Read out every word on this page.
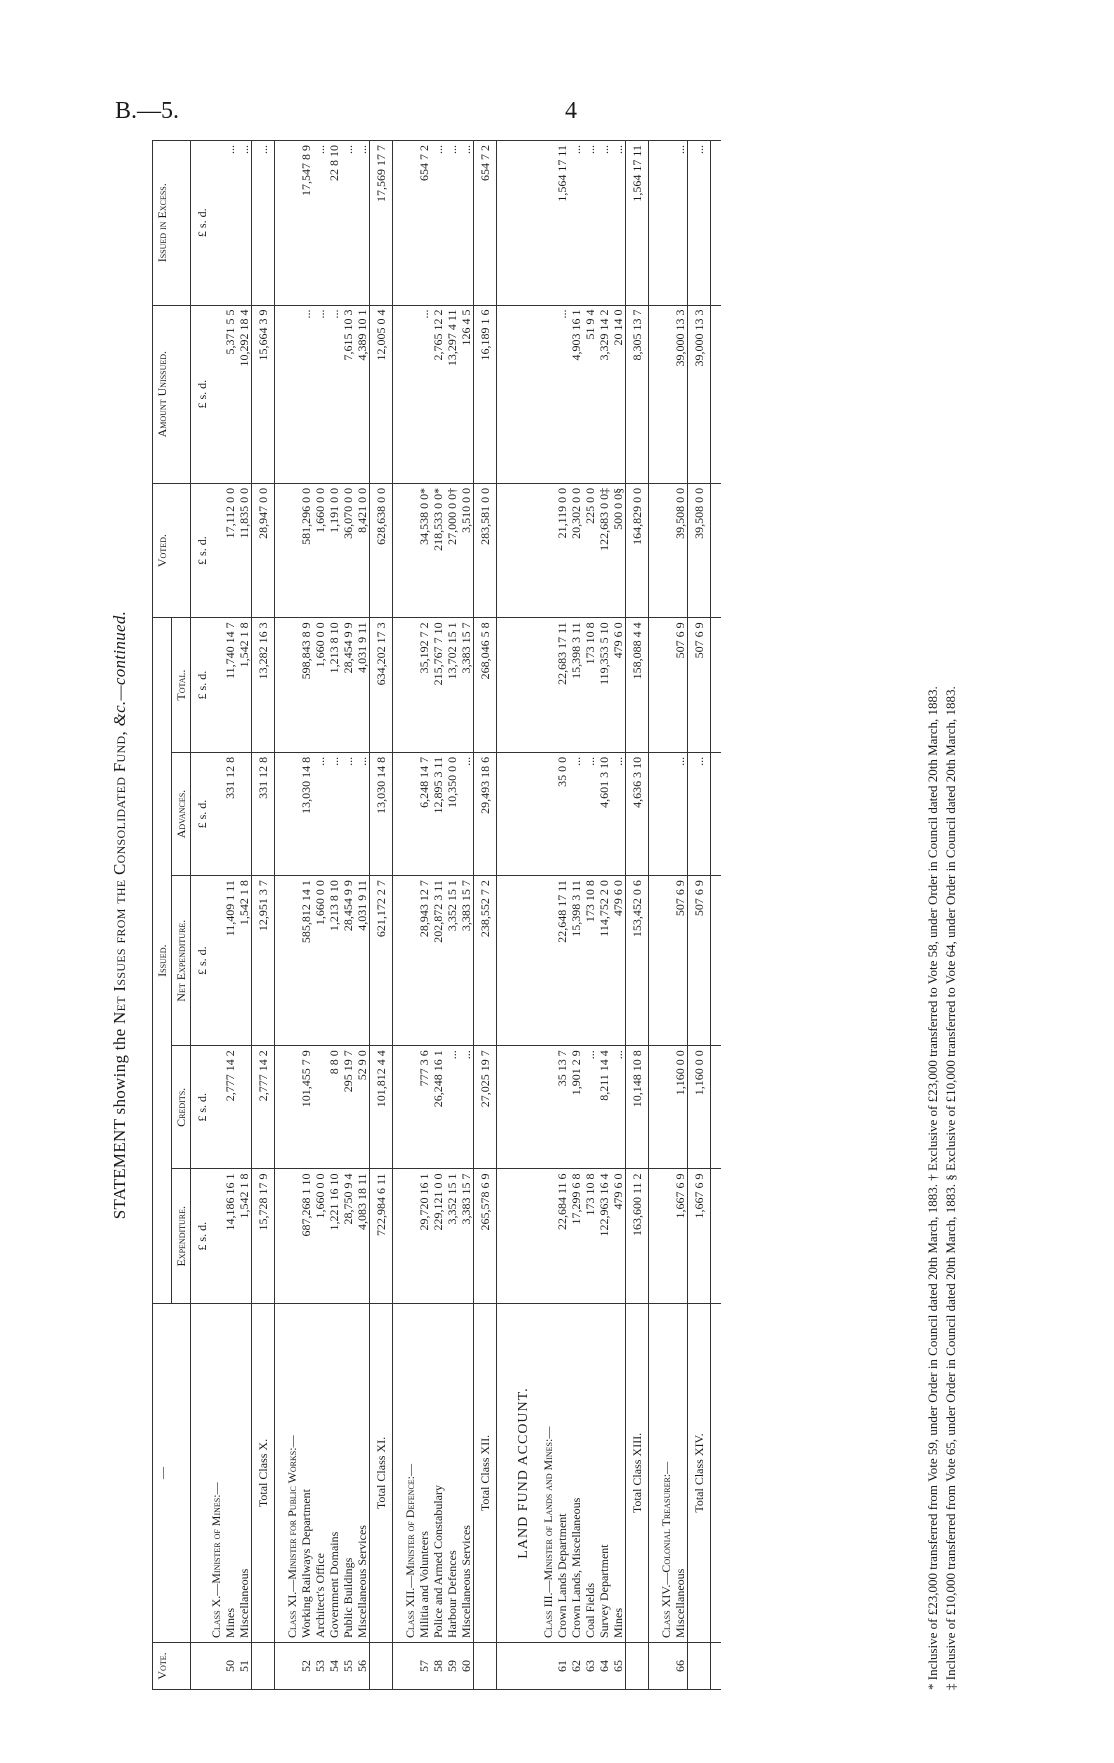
B.—5.	4
STATEMENT showing the Net Issues from the Consolidated Fund, &c.—continued.
Vote.	—	Issued.					Voted.	Amount Unissued.	Issued in Excess.
		Expenditure.	Credits.	Net Expenditure.	Advances.	Total.			
		£ s. d.	£ s. d.	£ s. d.	£ s. d.	£ s. d.	£ s. d.	£ s. d.	£ s. d.
	Class X.—Minister of Mines:—								
50	Mines	14,186 16 1	2,777 14 2	11,409 1 11	331 12 8	11,740 14 7	17,112 0 0	5,371 5 5	...
51	Miscellaneous	1,542 1 8		1,542 1 8		1,542 1 8	11,835 0 0	10,292 18 4	...
	Total Class X.	15,728 17 9	2,777 14 2	12,951 3 7	331 12 8	13,282 16 3	28,947 0 0	15,664 3 9	...

	Class XI.—Minister for Public Works:—								
52	Working Railways Department	687,268 1 10	101,455 7 9	585,812 14 1	13,030 14 8	598,843 8 9	581,296 0 0	...	17,547 8 9
53	Architect's Office	1,660 0 0		1,660 0 0	...	1,660 0 0	1,660 0 0	...	...
54	Government Domains	1,221 16 10	8 8 0	1,213 8 10	...	1,213 8 10	1,191 0 0	...	22 8 10
55	Public Buildings	28,750 9 4	295 19 7	28,454 9 9	...	28,454 9 9	36,070 0 0	7,615 10 3	...
56	Miscellaneous Services	4,083 18 11	52 9 0	4,031 9 11	...	4,031 9 11	8,421 0 0	4,389 10 1	...
	Total Class XI.	722,984 6 11	101,812 4 4	621,172 2 7	13,030 14 8	634,202 17 3	628,638 0 0	12,005 0 4	17,569 17 7

	Class XII.—Minister of Defence:—								
57	Militia and Volunteers	29,720 16 1	777 3 6	28,943 12 7	6,248 14 7	35,192 7 2	34,538 0 0*	...	654 7 2
58	Police and Armed Constabulary	229,121 0 0	26,248 16 1	202,872 3 11	12,895 3 11	215,767 7 10	218,533 0 0*	2,765 12 2	...
59	Harbour Defences	3,352 15 1	...	3,352 15 1	10,350 0 0	13,702 15 1	27,000 0 0†	13,297 4 11	...
60	Miscellaneous Services	3,383 15 7	...	3,383 15 7	...	3,383 15 7	3,510 0 0	126 4 5	...
	Total Class XII.	265,578 6 9	27,025 19 7	238,552 7 2	29,493 18 6	268,046 5 8	283,581 0 0	16,189 1 6	654 7 2

	LAND FUND ACCOUNT.								
	Class III.—Minister of Lands and Mines:—								
61	Crown Lands Department	22,684 11 6	35 13 7	22,648 17 11	35 0 0	22,683 17 11	21,119 0 0	...	1,564 17 11
62	Crown Lands, Miscellaneous	17,299 6 8	1,901 2 9	15,398 3 11	...	15,398 3 11	20,302 0 0	4,903 16 1	...
63	Coal Fields	173 10 8	...	173 10 8	...	173 10 8	225 0 0	51 9 4	...
64	Survey Department	122,963 16 4	8,211 14 4	114,752 2 0	4,601 3 10	119,353 5 10	122,683 0 0‡	3,329 14 2	...
65	Mines	479 6 0	...	479 6 0	...	479 6 0	500 0 0§	20 14 0	...
	Total Class XIII.	163,600 11 2	10,148 10 8	153,452 0 6	4,636 3 10	158,088 4 4	164,829 0 0	8,305 13 7	1,564 17 11

	Class XIV.—Colonial Treasurer:—								
66	Miscellaneous	1,667 6 9	1,160 0 0	507 6 9	...	507 6 9	39,508 0 0	39,000 13 3	...
	Total Class XIV.	1,667 6 9	1,160 0 0	507 6 9	...	507 6 9	39,508 0 0	39,000 13 3	...

* Inclusive of £23,000 transferred from Vote 59, under Order in Council dated 20th March, 1883. † Exclusive of £23,000 transferred to Vote 58, under Order in Council dated 20th March, 1883. ‡ Inclusive of £10,000 transferred from Vote 65, under Order in Council dated 20th March, 1883. § Exclusive of £10,000 transferred to Vote 64, under Order in Council dated 20th March, 1883.
